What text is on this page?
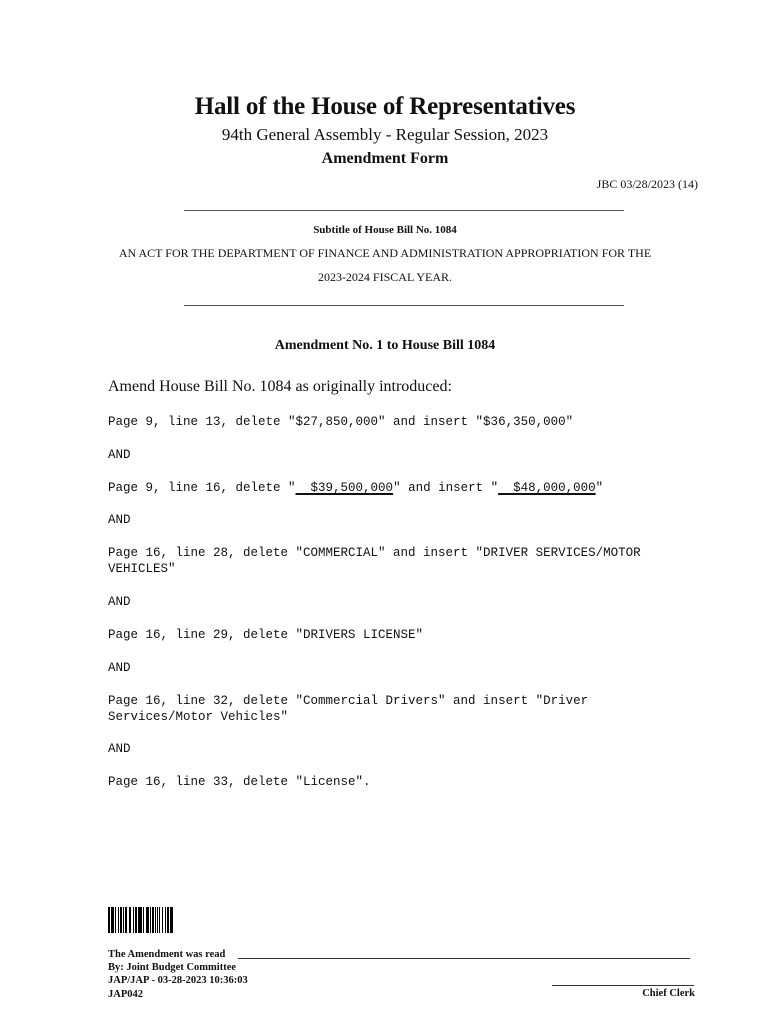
Hall of the House of Representatives
94th General Assembly - Regular Session, 2023
Amendment Form
JBC 03/28/2023 (14)
Subtitle of House Bill No. 1084
AN ACT FOR THE DEPARTMENT OF FINANCE AND ADMINISTRATION APPROPRIATION FOR THE
2023-2024 FISCAL YEAR.
Amendment No. 1 to House Bill 1084
Amend House Bill No. 1084 as originally introduced:
Page 9, line 13, delete "$27,850,000" and insert "$36,350,000"
AND
Page 9, line 16, delete "  $39,500,000" and insert "  $48,000,000"
AND
Page 16, line 28, delete "COMMERCIAL" and insert "DRIVER SERVICES/MOTOR
VEHICLES"
AND
Page 16, line 29, delete "DRIVERS LICENSE"
AND
Page 16, line 32, delete "Commercial Drivers" and insert "Driver
Services/Motor Vehicles"
AND
Page 16, line 33, delete "License".
The Amendment was read
By: Joint Budget Committee
JAP/JAP - 03-28-2023 10:36:03
JAP042	Chief Clerk
